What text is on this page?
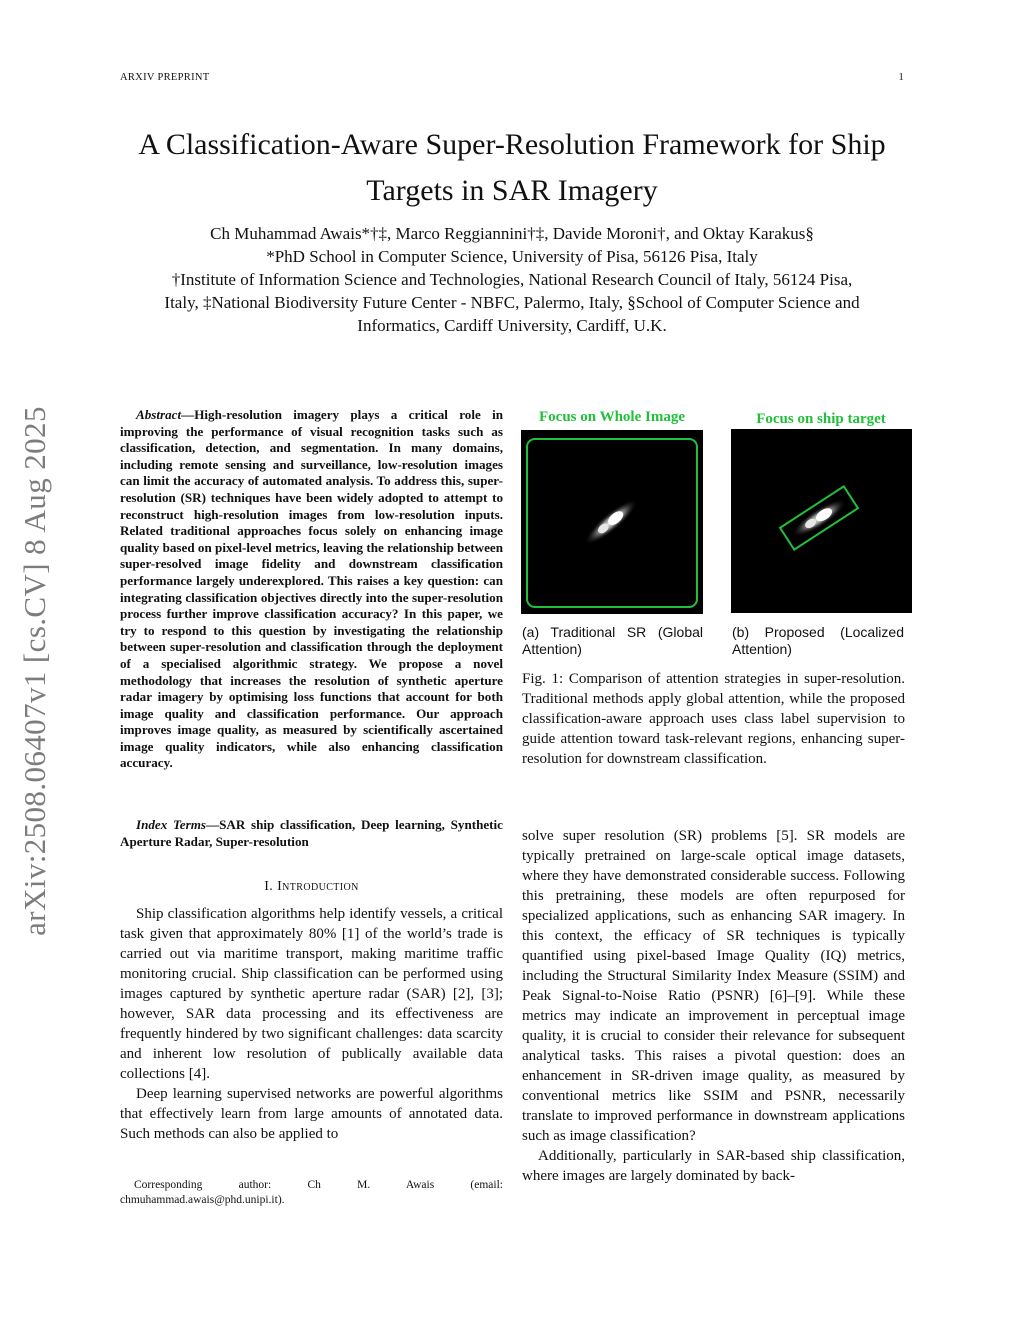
ARXIV PREPRINT	1
A Classification-Aware Super-Resolution Framework for Ship Targets in SAR Imagery
Ch Muhammad Awais*†‡, Marco Reggiannini†‡, Davide Moroni†, and Oktay Karakus§
*PhD School in Computer Science, University of Pisa, 56126 Pisa, Italy
†Institute of Information Science and Technologies, National Research Council of Italy, 56124 Pisa,
Italy, ‡National Biodiversity Future Center - NBFC, Palermo, Italy, §School of Computer Science and
Informatics, Cardiff University, Cardiff, U.K.
arXiv:2508.06407v1 [cs.CV] 8 Aug 2025	Abstract—High-resolution imagery plays a critical role in improving the performance of visual recognition tasks such as classification, detection, and segmentation. In many domains, including remote sensing and surveillance, low-resolution images can limit the accuracy of automated analysis. To address this, super-resolution (SR) techniques have been widely adopted to attempt to reconstruct high-resolution images from low-resolution inputs. Related traditional approaches focus solely on enhancing image quality based on pixel-level metrics, leaving the relationship between super-resolved image fidelity and downstream classification performance largely underexplored. This raises a key question: can integrating classification objectives directly into the super-resolution process further improve classification accuracy? In this paper, we try to respond to this question by investigating the relationship between super-resolution and classification through the deployment of a specialised algorithmic strategy. We propose a novel methodology that increases the resolution of synthetic aperture radar imagery by optimising loss functions that account for both image quality and classification performance. Our approach improves image quality, as measured by scientifically ascertained image quality indicators, while also enhancing classification accuracy.
Index Terms—SAR ship classification, Deep learning, Synthetic Aperture Radar, Super-resolution
I. Introduction

Ship classification algorithms help identify vessels, a critical task given that approximately 80% [1] of the world’s trade is carried out via maritime transport, making maritime traffic monitoring crucial. Ship classification can be performed using images captured by synthetic aperture radar (SAR) [2], [3]; however, SAR data processing and its effectiveness are frequently hindered by two significant challenges: data scarcity and inherent low resolution of publically available data collections [4].

Deep learning supervised networks are powerful algorithms that effectively learn from large amounts of annotated data. Such methods can also be applied to

Corresponding author: Ch M. Awais (email: chmuhammad.awais@phd.unipi.it).
Focus on Whole Image
(a) Traditional SR (Global Attention)
Focus on ship target
(b) Proposed (Localized Attention)
Fig. 1: Comparison of attention strategies in super-resolution. Traditional methods apply global attention, while the proposed classification-aware approach uses class label supervision to guide attention toward task-relevant regions, enhancing super-resolution for downstream classification.

solve super resolution (SR) problems [5]. SR models are typically pretrained on large-scale optical image datasets, where they have demonstrated considerable success. Following this pretraining, these models are often repurposed for specialized applications, such as enhancing SAR imagery. In this context, the efficacy of SR techniques is typically quantified using pixel-based Image Quality (IQ) metrics, including the Structural Similarity Index Measure (SSIM) and Peak Signal-to-Noise Ratio (PSNR) [6]–[9]. While these metrics may indicate an improvement in perceptual image quality, it is crucial to consider their relevance for subsequent analytical tasks. This raises a pivotal question: does an enhancement in SR-driven image quality, as measured by conventional metrics like SSIM and PSNR, necessarily translate to improved performance in downstream applications such as image classification?

Additionally, particularly in SAR-based ship classification, where images are largely dominated by back-
